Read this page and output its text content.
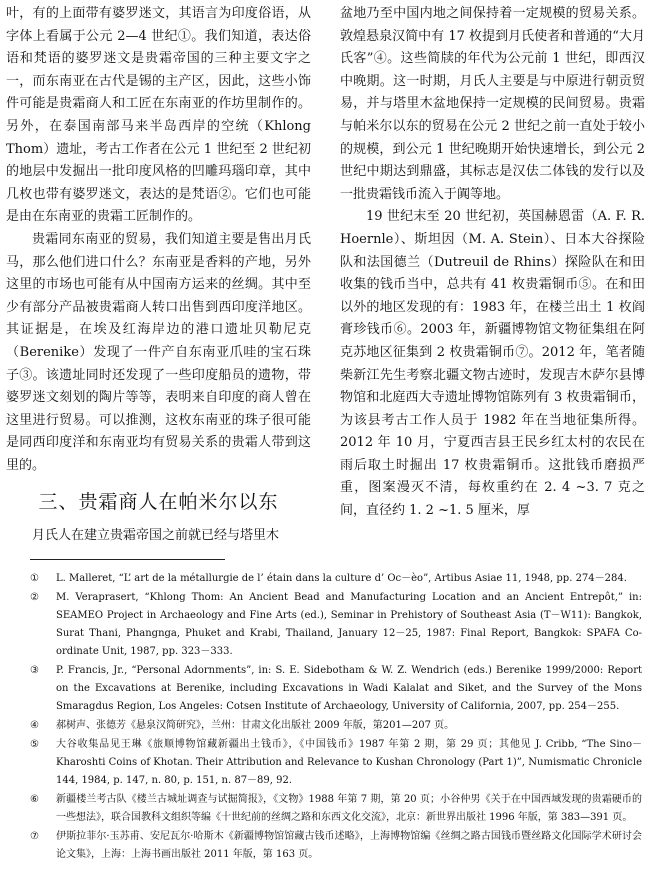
叶，有的上面带有婆罗迷文，其语言为印度俗语，从字体上看属于公元 2—4 世纪①。我们知道，表达俗语和梵语的婆罗迷文是贵霜帝国的三种主要文字之一，而东南亚在古代是锡的主产区，因此，这些小饰件可能是贵霜商人和工匠在东南亚的作坊里制作的。另外，在泰国南部马来半岛西岸的空统（Khlong Thom）遗址，考古工作者在公元 1 世纪至 2 世纪初的地层中发掘出一批印度风格的凹雕玛瑙印章，其中几枚也带有婆罗迷文，表达的是梵语②。它们也可能是由在东南亚的贵霜工匠制作的。

贵霜同东南亚的贸易，我们知道主要是售出月氏马，那么他们进口什么？东南亚是香料的产地，另外这里的市场也可能有从中国南方运来的丝绸。其中至少有部分产品被贵霜商人转口出售到西印度洋地区。其证据是，在埃及红海岸边的港口遗址贝勒尼克（Berenike）发现了一件产自东南亚爪哇的宝石珠子③。该遗址同时还发现了一些印度船员的遗物，带婆罗迷文刻划的陶片等等，表明来自印度的商人曾在这里进行贸易。可以推测，这枚东南亚的珠子很可能是同西印度洋和东南亚均有贸易关系的贵霜人带到这里的。

三、贵霜商人在帕米尔以东

月氏人在建立贵霜帝国之前就已经与塔里木

盆地乃至中国内地之间保持着一定规模的贸易关系。敦煌悬泉汉简中有 17 枚提到月氏使者和普通的“大月氏客”④。这些简牍的年代为公元前 1 世纪，即西汉中晚期。这一时期，月氏人主要是与中原进行朝贡贸易，并与塔里木盆地保持一定规模的民间贸易。贵霜与帕米尔以东的贸易在公元 2 世纪之前一直处于较小的规模，到公元 1 世纪晚期开始快速增长，到公元 2 世纪中期达到鼎盛，其标志是汉佉二体钱的发行以及一批贵霜钱币流入于阗等地。

19 世纪末至 20 世纪初，英国赫恩雷（A. F. R. Hoernle）、斯坦因（M. A. Stein）、日本大谷探险队和法国德兰（Dutreuil de Rhins）探险队在和田收集的钱币当中，总共有 41 枚贵霜铜币⑤。在和田以外的地区发现的有：1983 年，在楼兰出土 1 枚阎膏珍钱币⑥。2003 年，新疆博物馆文物征集组在阿克苏地区征集到 2 枚贵霜铜币⑦。2012 年，笔者随柴新江先生考察北疆文物古迹时，发现吉木萨尔县博物馆和北庭西大寺遗址博物馆陈列有 3 枚贵霜铜币，为该县考古工作人员于 1982 年在当地征集所得。2012 年 10 月，宁夏西吉县王民乡红太村的农民在雨后取土时掘出 17 枚贵霜铜币。这批钱币磨损严重，图案漫灭不清，每枚重约在 2. 4 ~3. 7 克之间，直径约 1. 2 ~1. 5 厘米，厚

①	L. Malleret, “L’ art de la métallurgie de l’ étain dans la culture d’ Oc－èo”, Artibus Asiae 11, 1948, pp. 274－284.
②	M. Veraprasert, “Khlong Thom: An Ancient Bead and Manufacturing Location and an Ancient Entrepôt,” in: SEAMEO Project in Archaeology and Fine Arts (ed.), Seminar in Prehistory of Southeast Asia (T－W11): Bangkok, Surat Thani, Phangnga, Phuket and Krabi, Thailand, January 12－25, 1987: Final Report, Bangkok: SPAFA Co-ordinate Unit, 1987, pp. 323－333.
③	P. Francis, Jr., “Personal Adornments”, in: S. E. Sidebotham & W. Z. Wendrich (eds.) Berenike 1999/2000: Report on the Excavations at Berenike, including Excavations in Wadi Kalalat and Siket, and the Survey of the Mons Smaragdus Region, Los Angeles: Cotsen Institute of Archaeology, University of California, 2007, pp. 254－255.
④	郝树声、张德芳《悬泉汉简研究》，兰州：甘肃文化出版社 2009 年版，第201—207 页。
⑤	大谷收集品见王琳《旅顺博物馆藏新疆出土钱币》，《中国钱币》1987 年第 2 期，第 29 页；其他见 J. Cribb, “The Sino－Kharoshti Coins of Khotan. Their Attribution and Relevance to Kushan Chronology (Part 1)”, Numismatic Chronicle 144, 1984, p. 147, n. 80, p. 151, n. 87－89, 92.
⑥	新疆楼兰考古队《楼兰古城址调查与试掘简报》，《文物》1988 年第 7 期，第 20 页；小谷仲男《关于在中国西域发现的贵霜硬币的一些想法》，联合国教科文组织等编《十世纪前的丝绸之路和东西文化交流》，北京：新世界出版社 1996 年版，第 383—391 页。
⑦	伊斯拉菲尔·玉苏甫、安尼瓦尔·哈斯木《新疆博物馆馆藏古钱币述略》，上海博物馆编《丝绸之路古国钱币暨丝路文化国际学术研讨会论文集》，上海：上海书画出版社 2011 年版，第 163 页。
